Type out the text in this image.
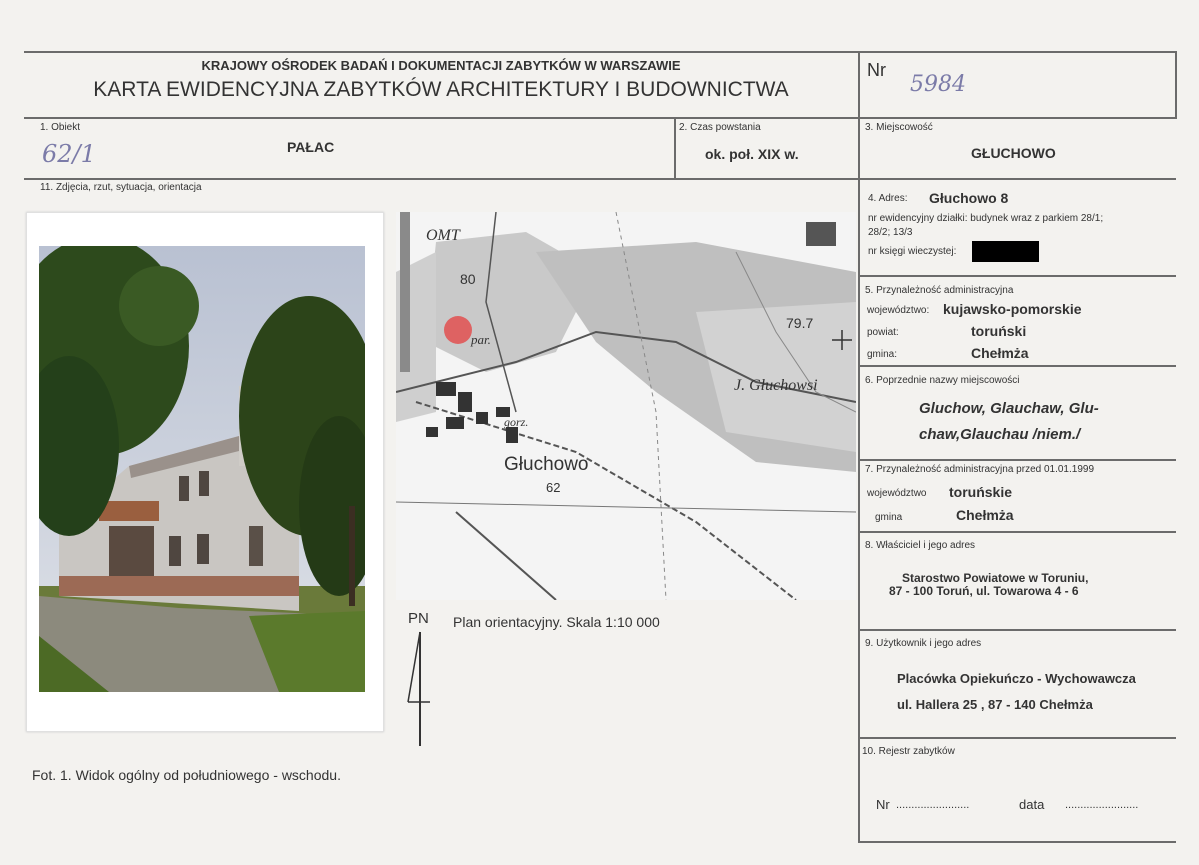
KRAJOWY OŚRODEK BADAŃ I DOKUMENTACJI ZABYTKÓW W WARSZAWIE
KARTA EWIDENCYJNA ZABYTKÓW ARCHITEKTURY I BUDOWNICTWA
Nr
5984
1. Obiekt
62/1	PAŁAC
2. Czas powstania
ok. poł. XIX w.
3. Miejscowość
GŁUCHOWO
11. Zdjęcia, rzut, sytuacja, orientacja
OMT
80
par.
79.7
J. Głuchowsi
gorz.
Głuchowo
62
PN Plan orientacyjny. Skala 1:10 000
Fot. 1. Widok ogólny od południowego - wschodu.
4. Adres: Głuchowo 8
nr ewidencyjny działki: budynek wraz z parkiem 28/1;
28/2; 13/3
nr księgi wieczystej:
5. Przynależność administracyjna
województwo: kujawsko-pomorskie
powiat:	toruński
gmina:	Chełmża
6. Poprzednie nazwy miejscowości
Gluchow, Glauchaw, Glu-
chaw,Glauchau /niem./
7. Przynależność administracyjna przed 01.01.1999
województwo toruńskie
gmina	Chełmża
8. Właściciel i jego adres
Starostwo Powiatowe w Toruniu,
87 - 100 Toruń, ul. Towarowa 4 - 6
9. Użytkownik i jego adres
Placówka Opiekuńczo - Wychowawcza
ul. Hallera 25 , 87 - 140 Chełmża
10. Rejestr zabytków
Nr ........................	data ........................
